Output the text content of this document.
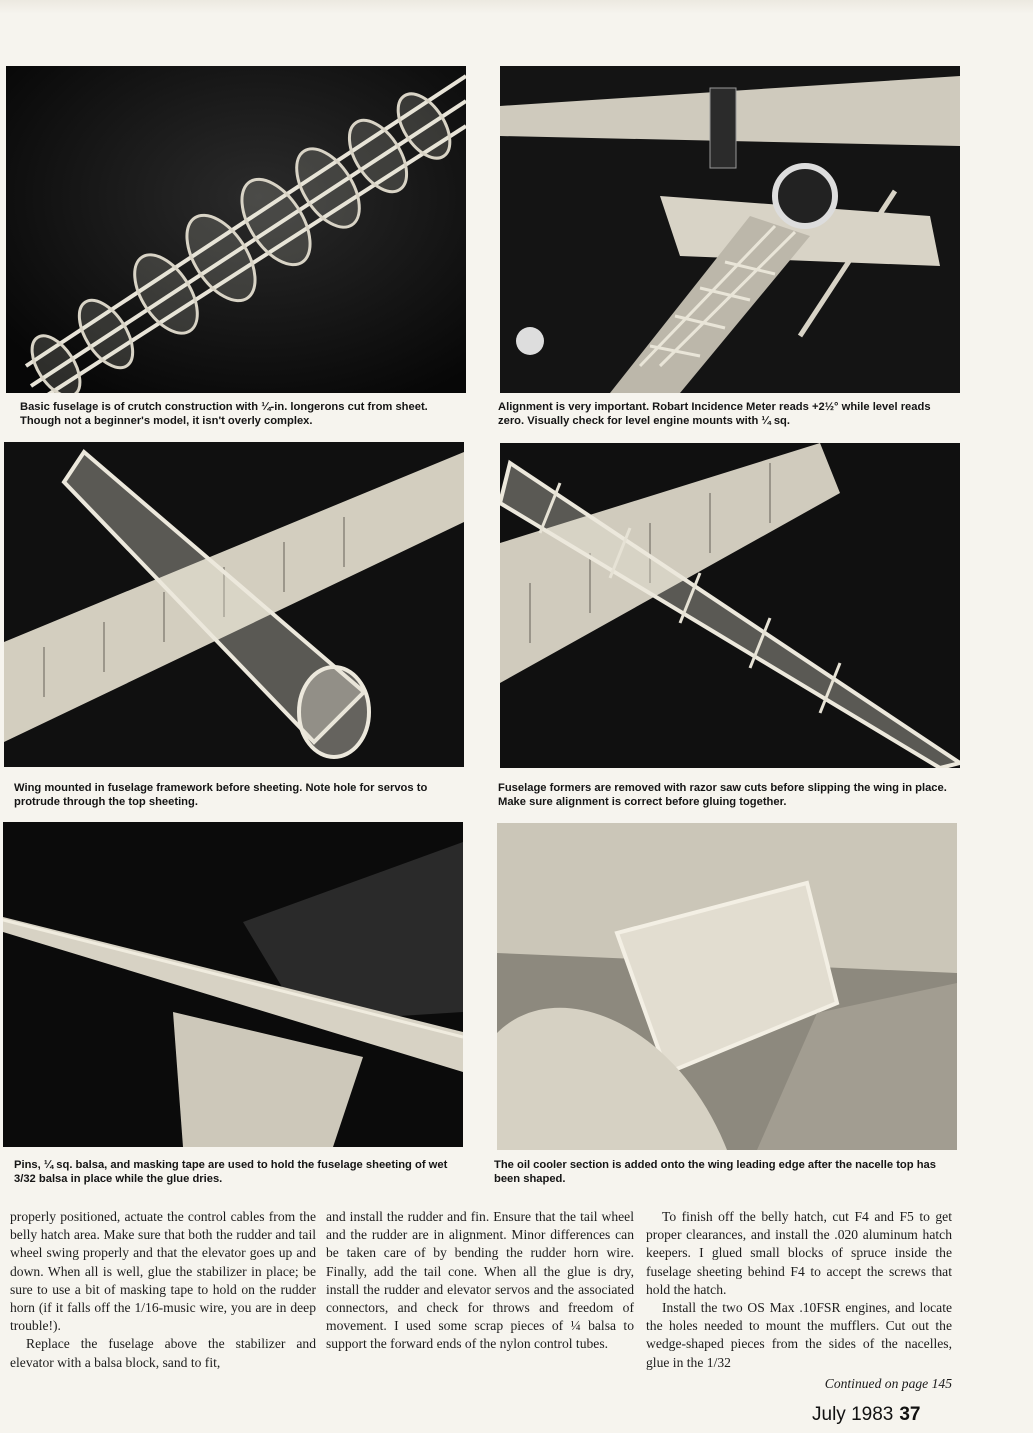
Basic fuselage is of crutch construction with ¼-in. longerons cut from sheet. Though not a beginner's model, it isn't overly complex.
Alignment is very important. Robart Incidence Meter reads +2½° while level reads zero. Visually check for level engine mounts with ¼ sq.
Wing mounted in fuselage framework before sheeting. Note hole for servos to protrude through the top sheeting.
Fuselage formers are removed with razor saw cuts before slipping the wing in place. Make sure alignment is correct before gluing together.
Pins, ¼ sq. balsa, and masking tape are used to hold the fuselage sheeting of wet 3/32 balsa in place while the glue dries.
The oil cooler section is added onto the wing leading edge after the nacelle top has been shaped.

properly positioned, actuate the control cables from the belly hatch area. Make sure that both the rudder and tail wheel swing properly and that the elevator goes up and down. When all is well, glue the stabilizer in place; be sure to use a bit of masking tape to hold on the rudder horn (if it falls off the 1/16-music wire, you are in deep trouble!).

Replace the fuselage above the stabilizer and elevator with a balsa block, sand to fit,

and install the rudder and fin. Ensure that the tail wheel and the rudder are in alignment. Minor differences can be taken care of by bending the rudder horn wire. Finally, add the tail cone. When all the glue is dry, install the rudder and elevator servos and the associated connectors, and check for throws and freedom of movement. I used some scrap pieces of ¼ balsa to support the forward ends of the nylon control tubes.

To finish off the belly hatch, cut F4 and F5 to get proper clearances, and install the .020 aluminum hatch keepers. I glued small blocks of spruce inside the fuselage sheeting behind F4 to accept the screws that hold the hatch.

Install the two OS Max .10FSR engines, and locate the holes needed to mount the mufflers. Cut out the wedge-shaped pieces from the sides of the nacelles, glue in the 1/32

Continued on page 145
July 1983 37
